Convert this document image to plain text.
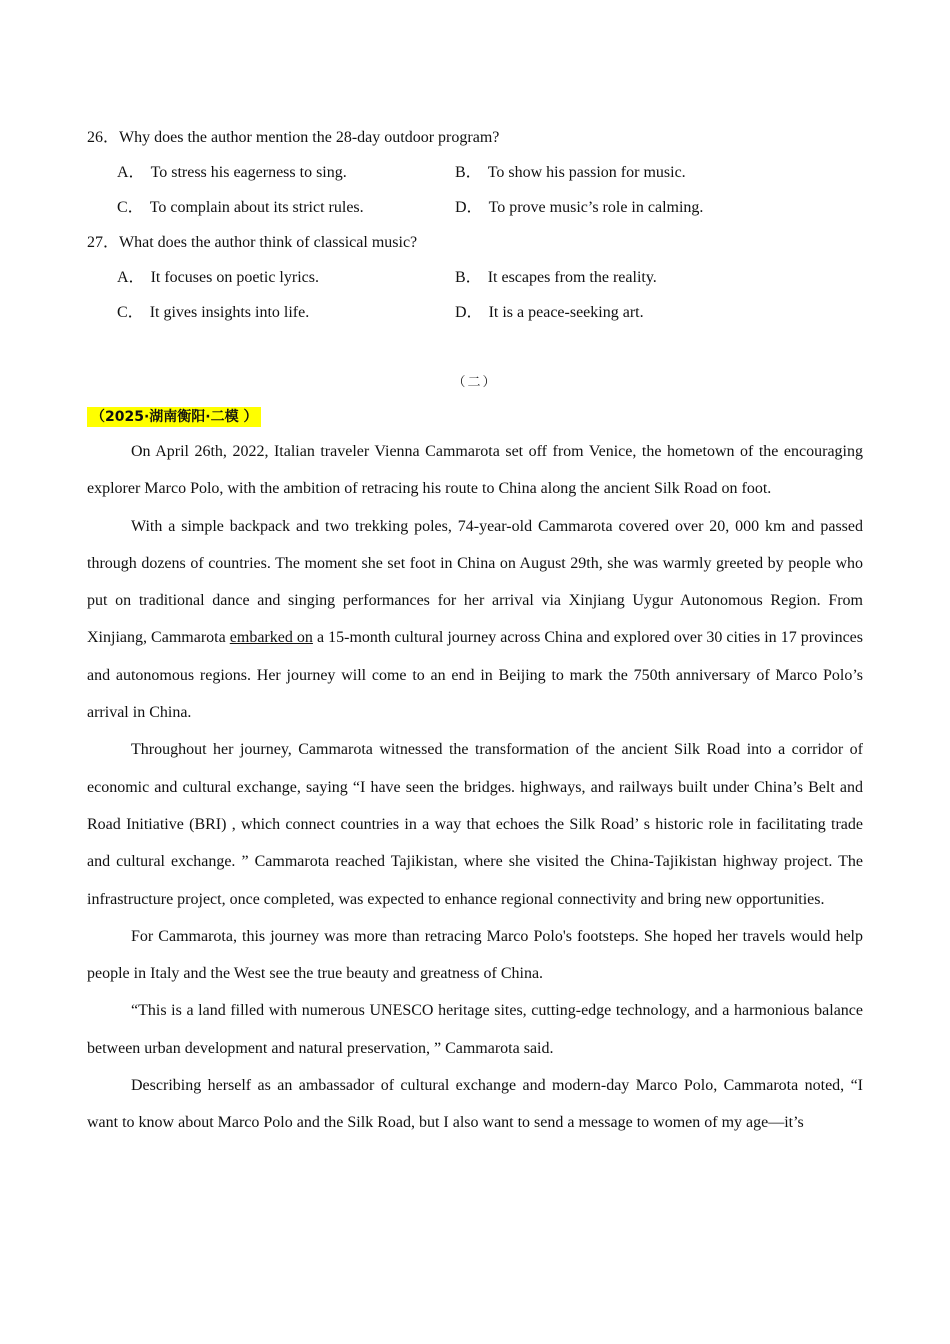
26．Why does the author mention the 28-day outdoor program?
A． To stress his eagerness to sing.	B． To show his passion for music.
C． To complain about its strict rules.	D． To prove music’s role in calming.
27．What does the author think of classical music?
A． It focuses on poetic lyrics.	B． It escapes from the reality.
C． It gives insights into life.	D． It is a peace-seeking art.
（二）
（2025·湖南衡阳·二模 ）

On April 26th, 2022, Italian traveler Vienna Cammarota set off from Venice, the hometown of the encouraging explorer Marco Polo, with the ambition of retracing his route to China along the ancient Silk Road on foot.

With a simple backpack and two trekking poles, 74-year-old Cammarota covered over 20, 000 km and passed through dozens of countries. The moment she set foot in China on August 29th, she was warmly greeted by people who put on traditional dance and singing performances for her arrival via Xinjiang Uygur Autonomous Region. From Xinjiang, Cammarota embarked on a 15-month cultural journey across China and explored over 30 cities in 17 provinces and autonomous regions. Her journey will come to an end in Beijing to mark the 750th anniversary of Marco Polo’s arrival in China.

Throughout her journey, Cammarota witnessed the transformation of the ancient Silk Road into a corridor of economic and cultural exchange, saying “I have seen the bridges. highways, and railways built under China’s Belt and Road Initiative (BRI) , which connect countries in a way that echoes the Silk Road’ s historic role in facilitating trade and cultural exchange. ” Cammarota reached Tajikistan, where she visited the China-Tajikistan highway project. The infrastructure project, once completed, was expected to enhance regional connectivity and bring new opportunities.

For Cammarota, this journey was more than retracing Marco Polo's footsteps. She hoped her travels would help people in Italy and the West see the true beauty and greatness of China.

“This is a land filled with numerous UNESCO heritage sites, cutting-edge technology, and a harmonious balance between urban development and natural preservation, ” Cammarota said.

Describing herself as an ambassador of cultural exchange and modern-day Marco Polo, Cammarota noted, “I want to know about Marco Polo and the Silk Road, but I also want to send a message to women of my age—it’s
